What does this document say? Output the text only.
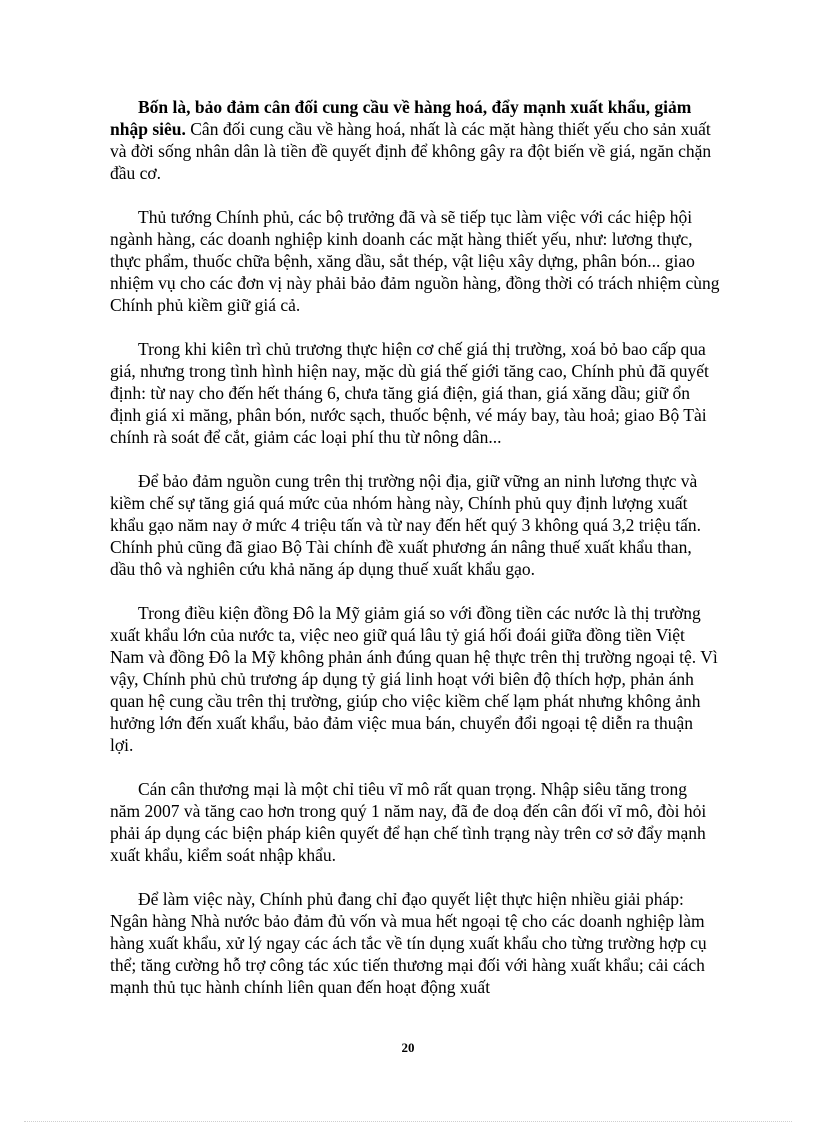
Bốn là, bảo đảm cân đối cung cầu về hàng hoá, đẩy mạnh xuất khẩu, giảm nhập siêu. Cân đối cung cầu về hàng hoá, nhất là các mặt hàng thiết yếu cho sản xuất và đời sống nhân dân là tiền đề quyết định để không gây ra đột biến về giá, ngăn chặn đầu cơ.

Thủ tướng Chính phủ, các bộ trưởng đã và sẽ tiếp tục làm việc với các hiệp hội ngành hàng, các doanh nghiệp kinh doanh các mặt hàng thiết yếu, như: lương thực, thực phẩm, thuốc chữa bệnh, xăng dầu, sắt thép, vật liệu xây dựng, phân bón... giao nhiệm vụ cho các đơn vị này phải bảo đảm nguồn hàng, đồng thời có trách nhiệm cùng Chính phủ kiềm giữ giá cả.

Trong khi kiên trì chủ trương thực hiện cơ chế giá thị trường, xoá bỏ bao cấp qua giá, nhưng trong tình hình hiện nay, mặc dù giá thế giới tăng cao, Chính phủ đã quyết định: từ nay cho đến hết tháng 6, chưa tăng giá điện, giá than, giá xăng dầu; giữ ổn định giá xi măng, phân bón, nước sạch, thuốc bệnh, vé máy bay, tàu hoả; giao Bộ Tài chính rà soát để cắt, giảm các loại phí thu từ nông dân...

Để bảo đảm nguồn cung trên thị trường nội địa, giữ vững an ninh lương thực và kiềm chế sự tăng giá quá mức của nhóm hàng này, Chính phủ quy định lượng xuất khẩu gạo năm nay ở mức 4 triệu tấn và từ nay đến hết quý 3 không quá 3,2 triệu tấn. Chính phủ cũng đã giao Bộ Tài chính đề xuất phương án nâng thuế xuất khẩu than, dầu thô và nghiên cứu khả năng áp dụng thuế xuất khẩu gạo.

Trong điều kiện đồng Đô la Mỹ giảm giá so với đồng tiền các nước là thị trường xuất khẩu lớn của nước ta, việc neo giữ quá lâu tỷ giá hối đoái giữa đồng tiền Việt Nam và đồng Đô la Mỹ không phản ánh đúng quan hệ thực trên thị trường ngoại tệ. Vì vậy, Chính phủ chủ trương áp dụng tỷ giá linh hoạt với biên độ thích hợp, phản ánh quan hệ cung cầu trên thị trường, giúp cho việc kiềm chế lạm phát nhưng không ảnh hưởng lớn đến xuất khẩu, bảo đảm việc mua bán, chuyển đổi ngoại tệ diễn ra thuận lợi.

Cán cân thương mại là một chỉ tiêu vĩ mô rất quan trọng. Nhập siêu tăng trong năm 2007 và tăng cao hơn trong quý 1 năm nay, đã đe doạ đến cân đối vĩ mô, đòi hỏi phải áp dụng các biện pháp kiên quyết để hạn chế tình trạng này trên cơ sở đẩy mạnh xuất khẩu, kiểm soát nhập khẩu.

Để làm việc này, Chính phủ đang chỉ đạo quyết liệt thực hiện nhiều giải pháp: Ngân hàng Nhà nước bảo đảm đủ vốn và mua hết ngoại tệ cho các doanh nghiệp làm hàng xuất khẩu, xử lý ngay các ách tắc về tín dụng xuất khẩu cho từng trường hợp cụ thể; tăng cường hỗ trợ công tác xúc tiến thương mại đối với hàng xuất khẩu; cải cách mạnh thủ tục hành chính liên quan đến hoạt động xuất

20
